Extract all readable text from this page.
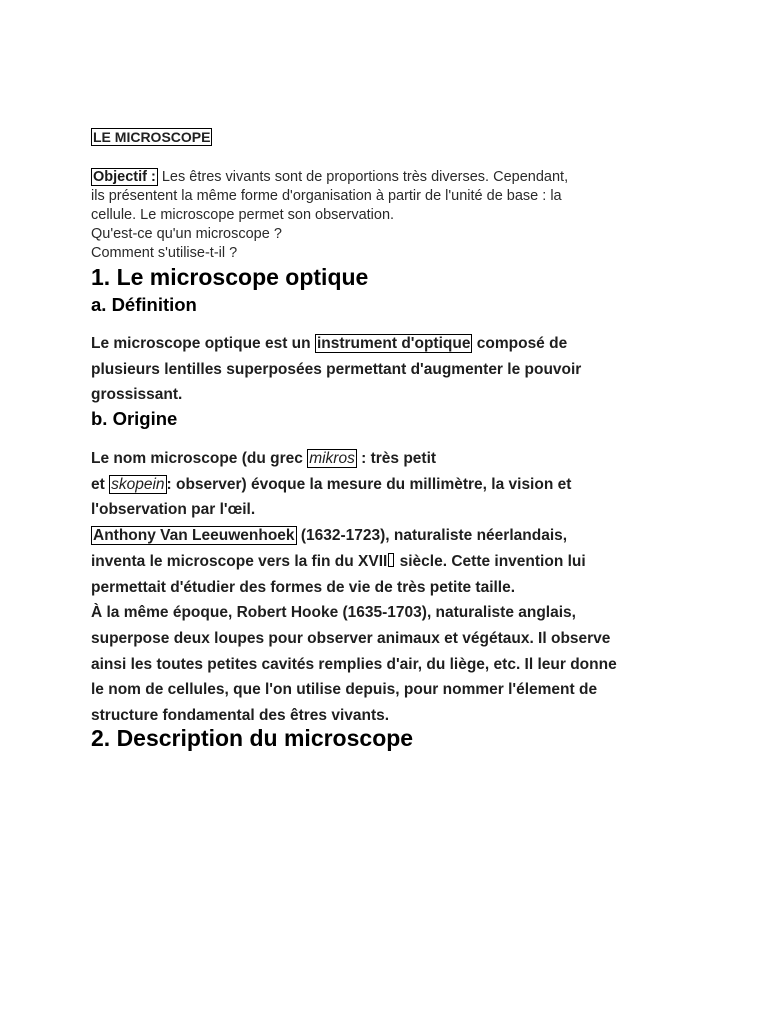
LE MICROSCOPE
Objectif : Les êtres vivants sont de proportions très diverses. Cependant,
ils présentent la même forme d'organisation à partir de l'unité de base : la
cellule. Le microscope permet son observation.
Qu'est-ce qu'un microscope ?
Comment s'utilise-t-il ?
1. Le microscope optique
a. Définition
Le microscope optique est un instrument d'optique composé de
plusieurs lentilles superposées permettant d'augmenter le pouvoir
grossissant.
b. Origine
Le nom microscope (du grec mikros : très petit
et skopein : observer) évoque la mesure du millimètre, la vision et
l'observation par l'œil.
Anthony Van Leeuwenhoek (1632-1723), naturaliste néerlandais,
inventa le microscope vers la fin du XVII siècle. Cette invention lui
permettait d'étudier des formes de vie de très petite taille.
À la même époque, Robert Hooke (1635-1703), naturaliste anglais,
superpose deux loupes pour observer animaux et végétaux. Il observe
ainsi les toutes petites cavités remplies d'air, du liège, etc. Il leur donne
le nom de cellules, que l'on utilise depuis, pour nommer l'élement de
structure fondamental des êtres vivants.
2. Description du microscope
